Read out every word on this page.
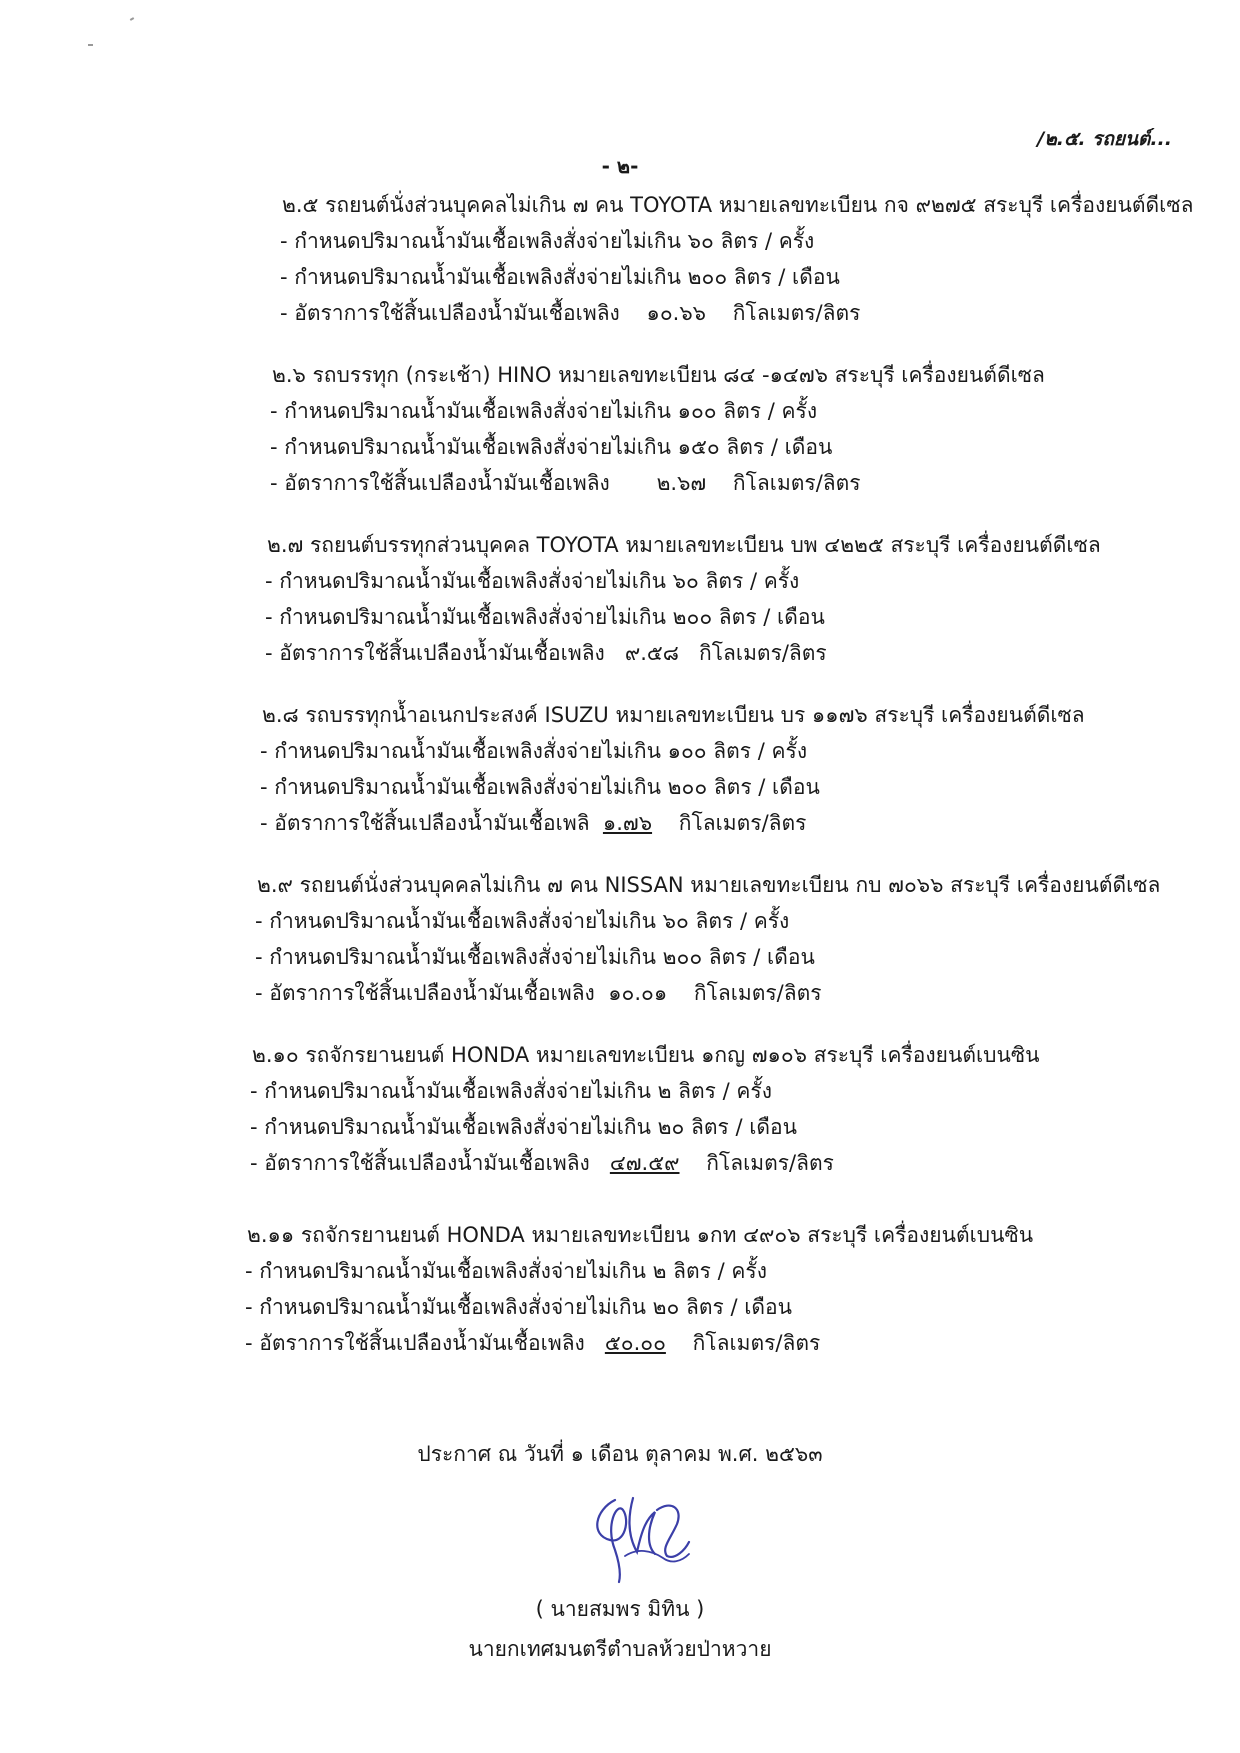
/๒.๕. รถยนต์...
- ๒-
๒.๕ รถยนต์นั่งส่วนบุคคลไม่เกิน ๗ คน TOYOTA หมายเลขทะเบียน กจ ๙๒๗๕ สระบุรี เครื่องยนต์ดีเซล
- กำหนดปริมาณน้ำมันเชื้อเพลิงสั่งจ่ายไม่เกิน ๖๐ ลิตร / ครั้ง
- กำหนดปริมาณน้ำมันเชื้อเพลิงสั่งจ่ายไม่เกิน ๒๐๐ ลิตร / เดือน
- อัตราการใช้สิ้นเปลืองน้ำมันเชื้อเพลิง ๑๐.๖๖ กิโลเมตร/ลิตร
๒.๖ รถบรรทุก (กระเช้า) HINO หมายเลขทะเบียน ๘๔ -๑๔๗๖ สระบุรี เครื่องยนต์ดีเซล
- กำหนดปริมาณน้ำมันเชื้อเพลิงสั่งจ่ายไม่เกิน ๑๐๐ ลิตร / ครั้ง
- กำหนดปริมาณน้ำมันเชื้อเพลิงสั่งจ่ายไม่เกิน ๑๕๐ ลิตร / เดือน
- อัตราการใช้สิ้นเปลืองน้ำมันเชื้อเพลิง ๒.๖๗ กิโลเมตร/ลิตร
๒.๗ รถยนต์บรรทุกส่วนบุคคล TOYOTA หมายเลขทะเบียน บพ ๔๒๒๕ สระบุรี เครื่องยนต์ดีเซล
- กำหนดปริมาณน้ำมันเชื้อเพลิงสั่งจ่ายไม่เกิน ๖๐ ลิตร / ครั้ง
- กำหนดปริมาณน้ำมันเชื้อเพลิงสั่งจ่ายไม่เกิน ๒๐๐ ลิตร / เดือน
- อัตราการใช้สิ้นเปลืองน้ำมันเชื้อเพลิง ๙.๕๘ กิโลเมตร/ลิตร
๒.๘ รถบรรทุกน้ำอเนกประสงค์ ISUZU หมายเลขทะเบียน บร ๑๑๗๖ สระบุรี เครื่องยนต์ดีเซล
- กำหนดปริมาณน้ำมันเชื้อเพลิงสั่งจ่ายไม่เกิน ๑๐๐ ลิตร / ครั้ง
- กำหนดปริมาณน้ำมันเชื้อเพลิงสั่งจ่ายไม่เกิน ๒๐๐ ลิตร / เดือน
- อัตราการใช้สิ้นเปลืองน้ำมันเชื้อเพลิ ๑.๗๖ กิโลเมตร/ลิตร
๒.๙ รถยนต์นั่งส่วนบุคคลไม่เกิน ๗ คน NISSAN หมายเลขทะเบียน กบ ๗๐๖๖ สระบุรี เครื่องยนต์ดีเซล
- กำหนดปริมาณน้ำมันเชื้อเพลิงสั่งจ่ายไม่เกิน ๖๐ ลิตร / ครั้ง
- กำหนดปริมาณน้ำมันเชื้อเพลิงสั่งจ่ายไม่เกิน ๒๐๐ ลิตร / เดือน
- อัตราการใช้สิ้นเปลืองน้ำมันเชื้อเพลิง ๑๐.๐๑ กิโลเมตร/ลิตร
๒.๑๐ รถจักรยานยนต์ HONDA หมายเลขทะเบียน ๑กญ ๗๑๐๖ สระบุรี เครื่องยนต์เบนซิน
- กำหนดปริมาณน้ำมันเชื้อเพลิงสั่งจ่ายไม่เกิน ๒ ลิตร / ครั้ง
- กำหนดปริมาณน้ำมันเชื้อเพลิงสั่งจ่ายไม่เกิน ๒๐ ลิตร / เดือน
- อัตราการใช้สิ้นเปลืองน้ำมันเชื้อเพลิง ๔๗.๕๙ กิโลเมตร/ลิตร
๒.๑๑ รถจักรยานยนต์ HONDA หมายเลขทะเบียน ๑กท ๔๙๐๖ สระบุรี เครื่องยนต์เบนซิน
- กำหนดปริมาณน้ำมันเชื้อเพลิงสั่งจ่ายไม่เกิน ๒ ลิตร / ครั้ง
- กำหนดปริมาณน้ำมันเชื้อเพลิงสั่งจ่ายไม่เกิน ๒๐ ลิตร / เดือน
- อัตราการใช้สิ้นเปลืองน้ำมันเชื้อเพลิง ๕๐.๐๐ กิโลเมตร/ลิตร
ประกาศ ณ วันที่ ๑ เดือน ตุลาคม พ.ศ. ๒๕๖๓
( นายสมพร มิทิน )
นายกเทศมนตรีตำบลห้วยป่าหวาย
